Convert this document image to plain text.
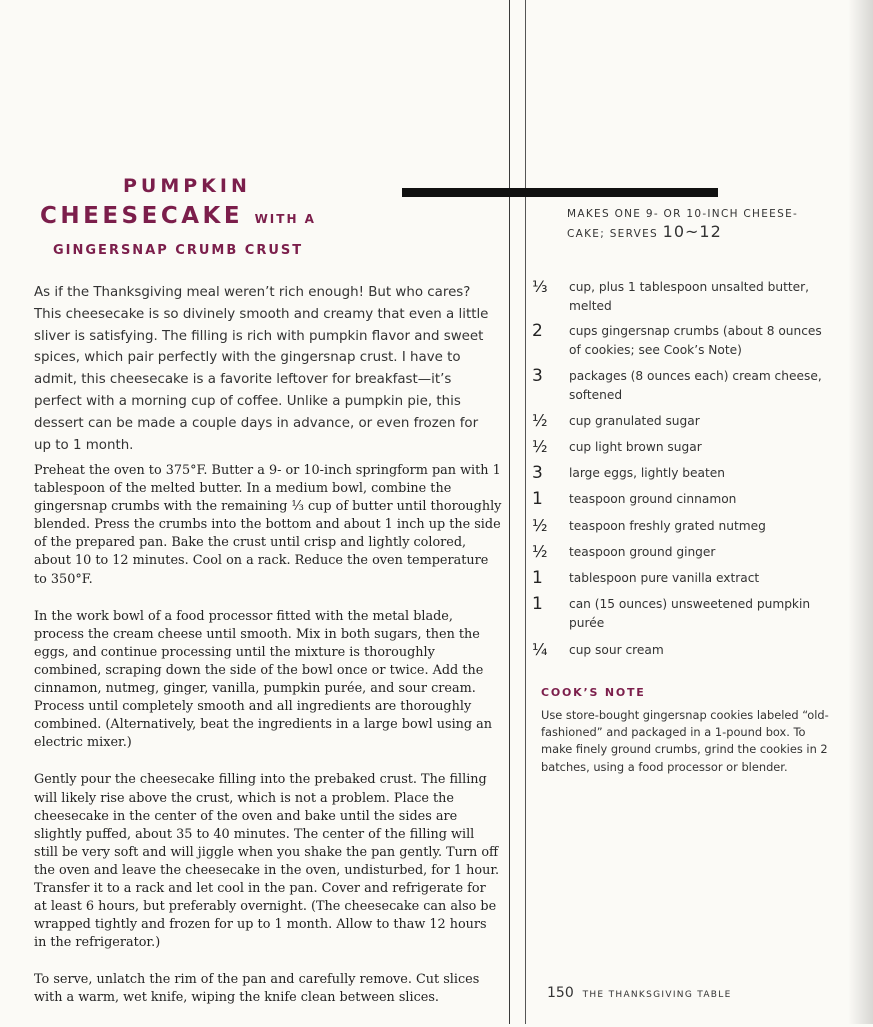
PUMPKIN
CHEESECAKE WITH A
GINGERSNAP CRUMB CRUST

As if the Thanksgiving meal weren’t rich enough! But who cares? This cheesecake is so divinely smooth and creamy that even a little sliver is satisfying. The filling is rich with pumpkin flavor and sweet spices, which pair perfectly with the gingersnap crust. I have to admit, this cheesecake is a favorite leftover for breakfast—it’s perfect with a morning cup of coffee. Unlike a pumpkin pie, this dessert can be made a couple days in advance, or even frozen for up to 1 month.

Preheat the oven to 375°F. Butter a 9- or 10-inch springform pan with 1 tablespoon of the melted butter. In a medium bowl, combine the gingersnap crumbs with the remaining ⅓ cup of butter until thoroughly blended. Press the crumbs into the bottom and about 1 inch up the side of the prepared pan. Bake the crust until crisp and lightly colored, about 10 to 12 minutes. Cool on a rack. Reduce the oven temperature to 350°F.

In the work bowl of a food processor fitted with the metal blade, process the cream cheese until smooth. Mix in both sugars, then the eggs, and continue processing until the mixture is thoroughly combined, scraping down the side of the bowl once or twice. Add the cinnamon, nutmeg, ginger, vanilla, pumpkin purée, and sour cream. Process until completely smooth and all ingredients are thoroughly combined. (Alternatively, beat the ingredients in a large bowl using an electric mixer.)

Gently pour the cheesecake filling into the prebaked crust. The filling will likely rise above the crust, which is not a problem. Place the cheesecake in the center of the oven and bake until the sides are slightly puffed, about 35 to 40 minutes. The center of the filling will still be very soft and will jiggle when you shake the pan gently. Turn off the oven and leave the cheesecake in the oven, undisturbed, for 1 hour. Transfer it to a rack and let cool in the pan. Cover and refrigerate for at least 6 hours, but preferably overnight. (The cheesecake can also be wrapped tightly and frozen for up to 1 month. Allow to thaw 12 hours in the refrigerator.)

To serve, unlatch the rim of the pan and carefully remove. Cut slices with a warm, wet knife, wiping the knife clean between slices.

MAKES ONE 9- OR 10-INCH CHEESE-CAKE; SERVES 10~12
⅓	cup, plus 1 tablespoon unsalted butter, melted
2	cups gingersnap crumbs (about 8 ounces of cookies; see Cook’s Note)
3	packages (8 ounces each) cream cheese, softened
½	cup granulated sugar
½	cup light brown sugar
3	large eggs, lightly beaten
1	teaspoon ground cinnamon
½	teaspoon freshly grated nutmeg
½	teaspoon ground ginger
1	tablespoon pure vanilla extract
1	can (15 ounces) unsweetened pumpkin purée
¼	cup sour cream
COOK’S NOTE
Use store-bought gingersnap cookies labeled “old-fashioned” and packaged in a 1-pound box. To make finely ground crumbs, grind the cookies in 2 batches, using a food processor or blender.
150 THE THANKSGIVING TABLE
